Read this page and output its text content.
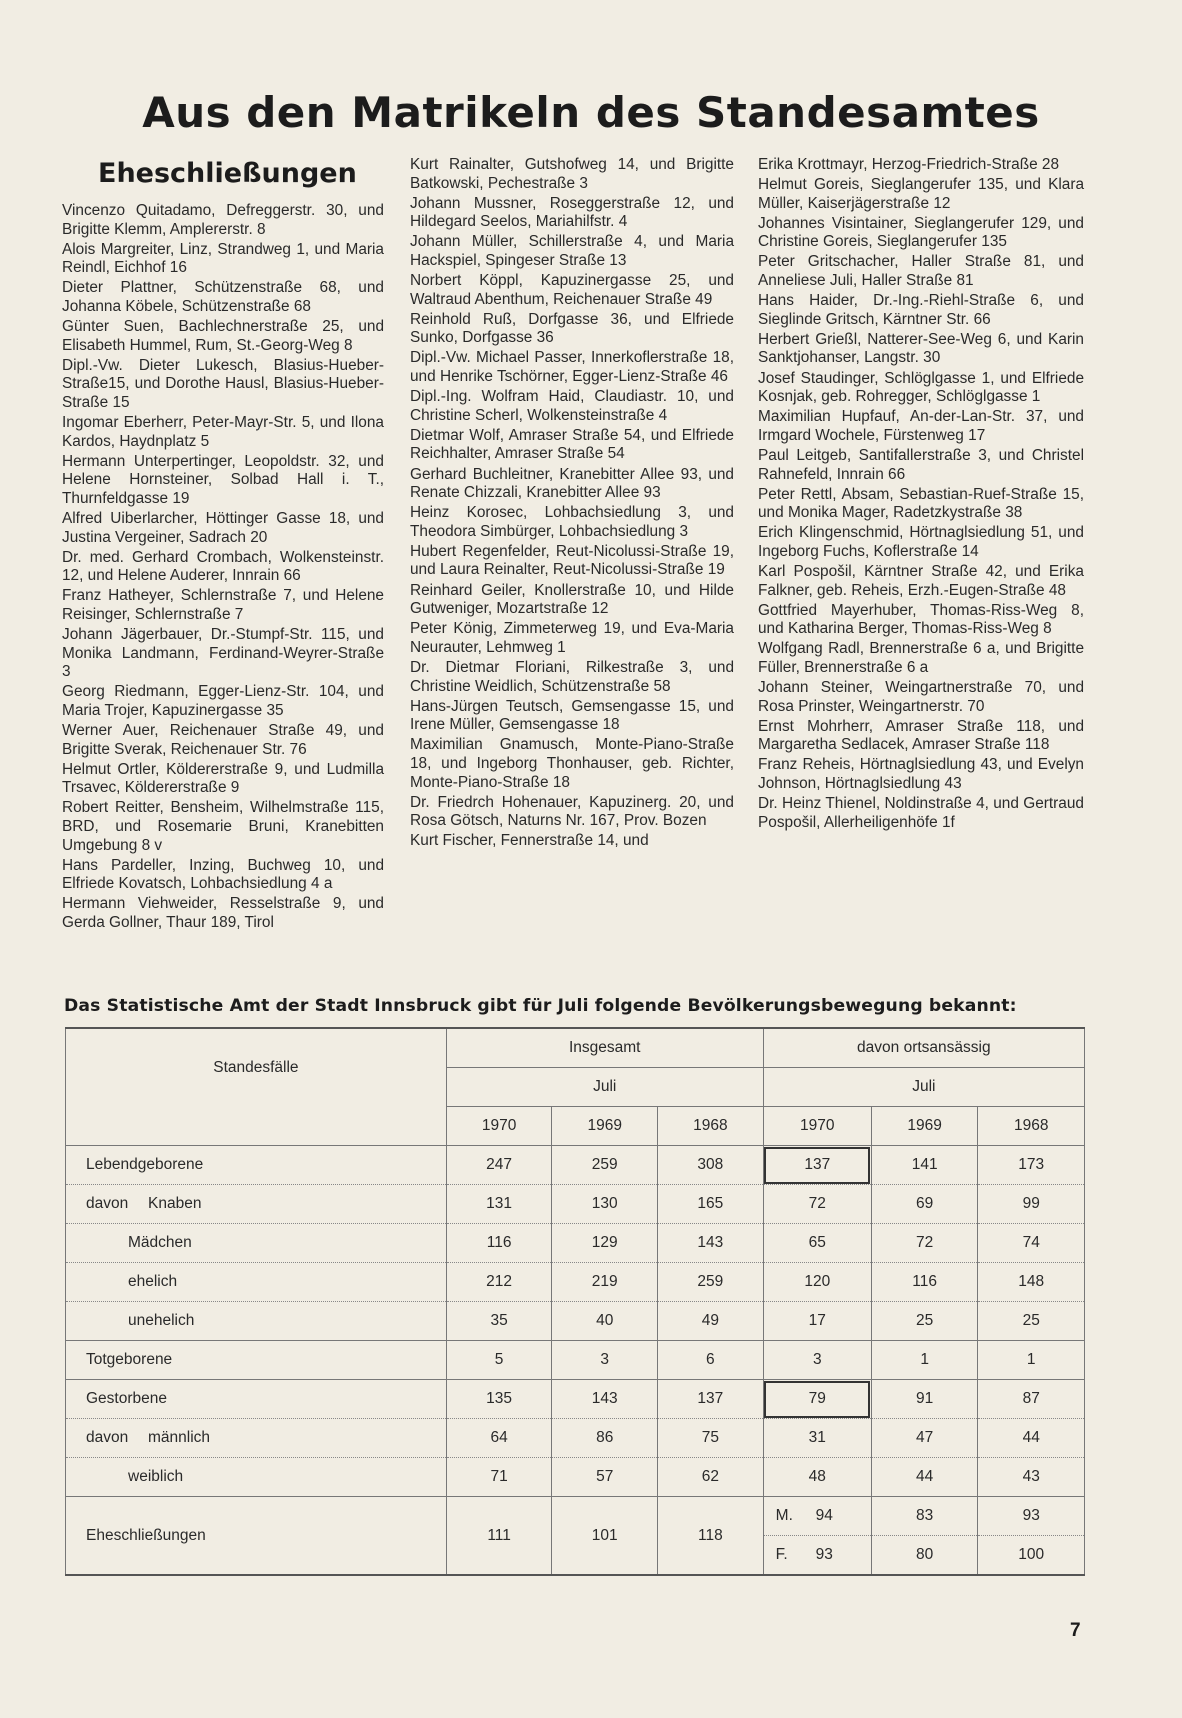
Aus den Matrikeln des Standesamtes
Eheschließungen

Vincenzo Quitadamo, Defreggerstr. 30, und Brigitte Klemm, Amplererstr. 8

Alois Margreiter, Linz, Strandweg 1, und Maria Reindl, Eichhof 16

Dieter Plattner, Schützenstraße 68, und Johanna Köbele, Schützenstraße 68

Günter Suen, Bachlechnerstraße 25, und Elisabeth Hummel, Rum, St.-Georg-Weg 8

Dipl.-Vw. Dieter Lukesch, Blasius-Hueber-Straße15, und Dorothe Hausl, Blasius-Hueber-Straße 15

Ingomar Eberherr, Peter-Mayr-Str. 5, und Ilona Kardos, Haydnplatz 5

Hermann Unterpertinger, Leopoldstr. 32, und Helene Hornsteiner, Solbad Hall i. T., Thurnfeldgasse 19

Alfred Uiberlarcher, Höttinger Gasse 18, und Justina Vergeiner, Sadrach 20

Dr. med. Gerhard Crombach, Wolkensteinstr. 12, und Helene Auderer, Innrain 66

Franz Hatheyer, Schlernstraße 7, und Helene Reisinger, Schlernstraße 7

Johann Jägerbauer, Dr.-Stumpf-Str. 115, und Monika Landmann, Ferdinand-Weyrer-Straße 3

Georg Riedmann, Egger-Lienz-Str. 104, und Maria Trojer, Kapuzinergasse 35

Werner Auer, Reichenauer Straße 49, und Brigitte Sverak, Reichenauer Str. 76

Helmut Ortler, Köldererstraße 9, und Ludmilla Trsavec, Köldererstraße 9

Robert Reitter, Bensheim, Wilhelmstraße 115, BRD, und Rosemarie Bruni, Kranebitten Umgebung 8 v

Hans Pardeller, Inzing, Buchweg 10, und Elfriede Kovatsch, Lohbachsiedlung 4 a

Hermann Viehweider, Resselstraße 9, und Gerda Gollner, Thaur 189, Tirol

Kurt Rainalter, Gutshofweg 14, und Brigitte Batkowski, Pechestraße 3

Johann Mussner, Roseggerstraße 12, und Hildegard Seelos, Mariahilfstr. 4

Johann Müller, Schillerstraße 4, und Maria Hackspiel, Spingeser Straße 13

Norbert Köppl, Kapuzinergasse 25, und Waltraud Abenthum, Reichenauer Straße 49

Reinhold Ruß, Dorfgasse 36, und Elfriede Sunko, Dorfgasse 36

Dipl.-Vw. Michael Passer, Innerkoflerstraße 18, und Henrike Tschörner, Egger-Lienz-Straße 46

Dipl.-Ing. Wolfram Haid, Claudiastr. 10, und Christine Scherl, Wolkensteinstraße 4

Dietmar Wolf, Amraser Straße 54, und Elfriede Reichhalter, Amraser Straße 54

Gerhard Buchleitner, Kranebitter Allee 93, und Renate Chizzali, Kranebitter Allee 93

Heinz Korosec, Lohbachsiedlung 3, und Theodora Simbürger, Lohbachsiedlung 3

Hubert Regenfelder, Reut-Nicolussi-Straße 19, und Laura Reinalter, Reut-Nicolussi-Straße 19

Reinhard Geiler, Knollerstraße 10, und Hilde Gutweniger, Mozartstraße 12

Peter König, Zimmeterweg 19, und Eva-Maria Neurauter, Lehmweg 1

Dr. Dietmar Floriani, Rilkestraße 3, und Christine Weidlich, Schützenstraße 58

Hans-Jürgen Teutsch, Gemsengasse 15, und Irene Müller, Gemsengasse 18

Maximilian Gnamusch, Monte-Piano-Straße 18, und Ingeborg Thonhauser, geb. Richter, Monte-Piano-Straße 18

Dr. Friedrch Hohenauer, Kapuzinerg. 20, und Rosa Götsch, Naturns Nr. 167, Prov. Bozen

Kurt Fischer, Fennerstraße 14, und

Erika Krottmayr, Herzog-Friedrich-Straße 28

Helmut Goreis, Sieglangerufer 135, und Klara Müller, Kaiserjägerstraße 12

Johannes Visintainer, Sieglangerufer 129, und Christine Goreis, Sieglangerufer 135

Peter Gritschacher, Haller Straße 81, und Anneliese Juli, Haller Straße 81

Hans Haider, Dr.-Ing.-Riehl-Straße 6, und Sieglinde Gritsch, Kärntner Str. 66

Herbert Grießl, Natterer-See-Weg 6, und Karin Sanktjohanser, Langstr. 30

Josef Staudinger, Schlöglgasse 1, und Elfriede Kosnjak, geb. Rohregger, Schlöglgasse 1

Maximilian Hupfauf, An-der-Lan-Str. 37, und Irmgard Wochele, Fürstenweg 17

Paul Leitgeb, Santifallerstraße 3, und Christel Rahnefeld, Innrain 66

Peter Rettl, Absam, Sebastian-Ruef-Straße 15, und Monika Mager, Radetzkystraße 38

Erich Klingenschmid, Hörtnaglsiedlung 51, und Ingeborg Fuchs, Koflerstraße 14

Karl Pospošil, Kärntner Straße 42, und Erika Falkner, geb. Reheis, Erzh.-Eugen-Straße 48

Gottfried Mayerhuber, Thomas-Riss-Weg 8, und Katharina Berger, Thomas-Riss-Weg 8

Wolfgang Radl, Brennerstraße 6 a, und Brigitte Füller, Brennerstraße 6 a

Johann Steiner, Weingartnerstraße 70, und Rosa Prinster, Weingartnerstr. 70

Ernst Mohrherr, Amraser Straße 118, und Margaretha Sedlacek, Amraser Straße 118

Franz Reheis, Hörtnaglsiedlung 43, und Evelyn Johnson, Hörtnaglsiedlung 43

Dr. Heinz Thienel, Noldinstraße 4, und Gertraud Pospošil, Allerheiligenhöfe 1f

Das Statistische Amt der Stadt Innsbruck gibt für Juli folgende Bevölkerungsbewegung bekannt:
Standesfälle	Insgesamt			davon ortsansässig		
	Juli			Juli		
	1970	1969	1968	1970	1969	1968
Lebendgeborene	247	259	308	137	141	173
davon Knaben	131	130	165	72	69	99
Mädchen	116	129	143	65	72	74
ehelich	212	219	259	120	116	148
unehelich	35	40	49	17	25	25
Totgeborene	5	3	6	3	1	1
Gestorbene	135	143	137	79	91	87
davon männlich	64	86	75	31	47	44
weiblich	71	57	62	48	44	43
Eheschließungen	111	101	118	M. 94	83	93
				F. 93	80	100
7
